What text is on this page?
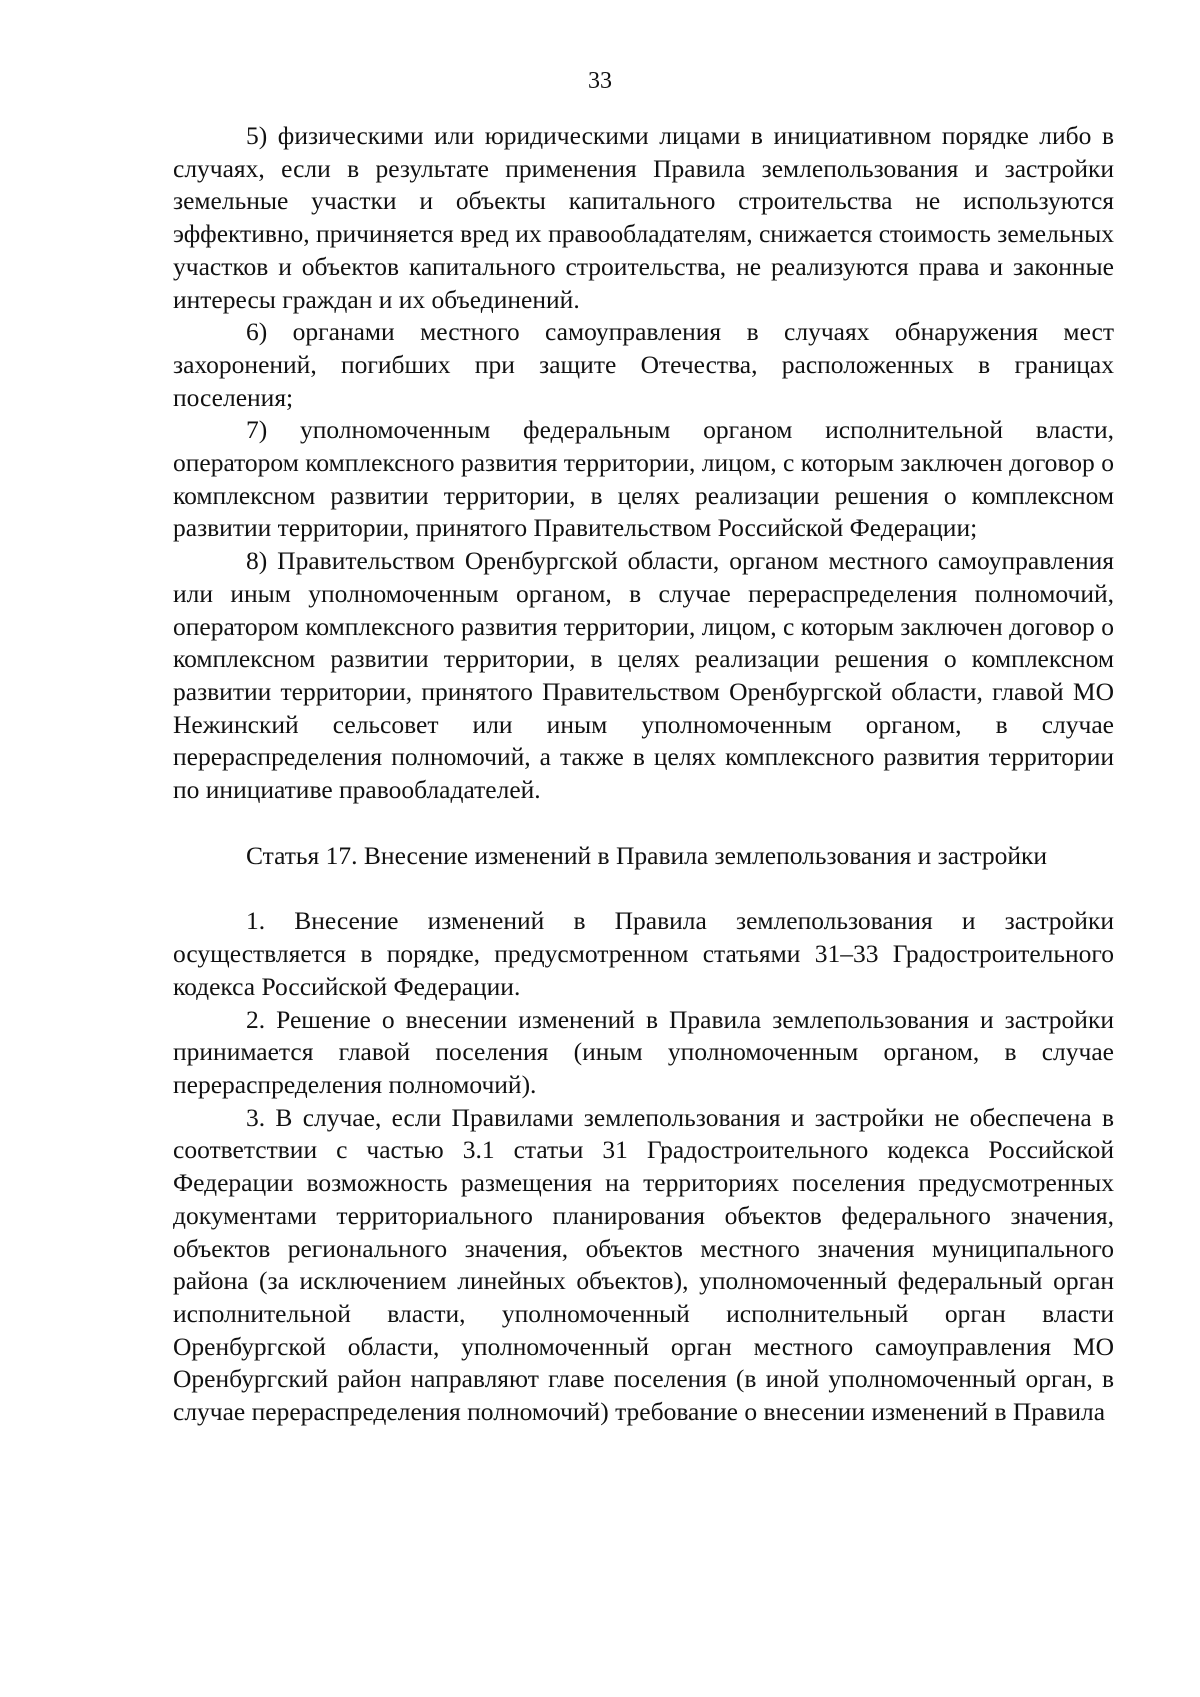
33

5) физическими или юридическими лицами в инициативном порядке либо в случаях, если в результате применения Правила землепользования и застройки земельные участки и объекты капитального строительства не используются эффективно, причиняется вред их правообладателям, снижается стоимость земельных участков и объектов капитального строительства, не реализуются права и законные интересы граждан и их объединений.

6) органами местного самоуправления в случаях обнаружения мест захоронений, погибших при защите Отечества, расположенных в границах поселения;

7) уполномоченным федеральным органом исполнительной власти, оператором комплексного развития территории, лицом, с которым заключен договор о комплексном развитии территории, в целях реализации решения о комплексном развитии территории, принятого Правительством Российской Федерации;

8) Правительством Оренбургской области, органом местного самоуправления или иным уполномоченным органом, в случае перераспределения полномочий, оператором комплексного развития территории, лицом, с которым заключен договор о комплексном развитии территории, в целях реализации решения о комплексном развитии территории, принятого Правительством Оренбургской области, главой МО Нежинский сельсовет или иным уполномоченным органом, в случае перераспределения полномочий, а также в целях комплексного развития территории по инициативе правообладателей.

Статья 17. Внесение изменений в Правила землепользования и застройки

1. Внесение изменений в Правила землепользования и застройки осуществляется в порядке, предусмотренном статьями 31–33 Градостроительного кодекса Российской Федерации.

2. Решение о внесении изменений в Правила землепользования и застройки принимается главой поселения (иным уполномоченным органом, в случае перераспределения полномочий).

3. В случае, если Правилами землепользования и застройки не обеспечена в соответствии с частью 3.1 статьи 31 Градостроительного кодекса Российской Федерации возможность размещения на территориях поселения предусмотренных документами территориального планирования объектов федерального значения, объектов регионального значения, объектов местного значения муниципального района (за исключением линейных объектов), уполномоченный федеральный орган исполнительной власти, уполномоченный исполнительный орган власти Оренбургской области, уполномоченный орган местного самоуправления МО Оренбургский район направляют главе поселения (в иной уполномоченный орган, в случае перераспределения полномочий) требование о внесении изменений в Правила
